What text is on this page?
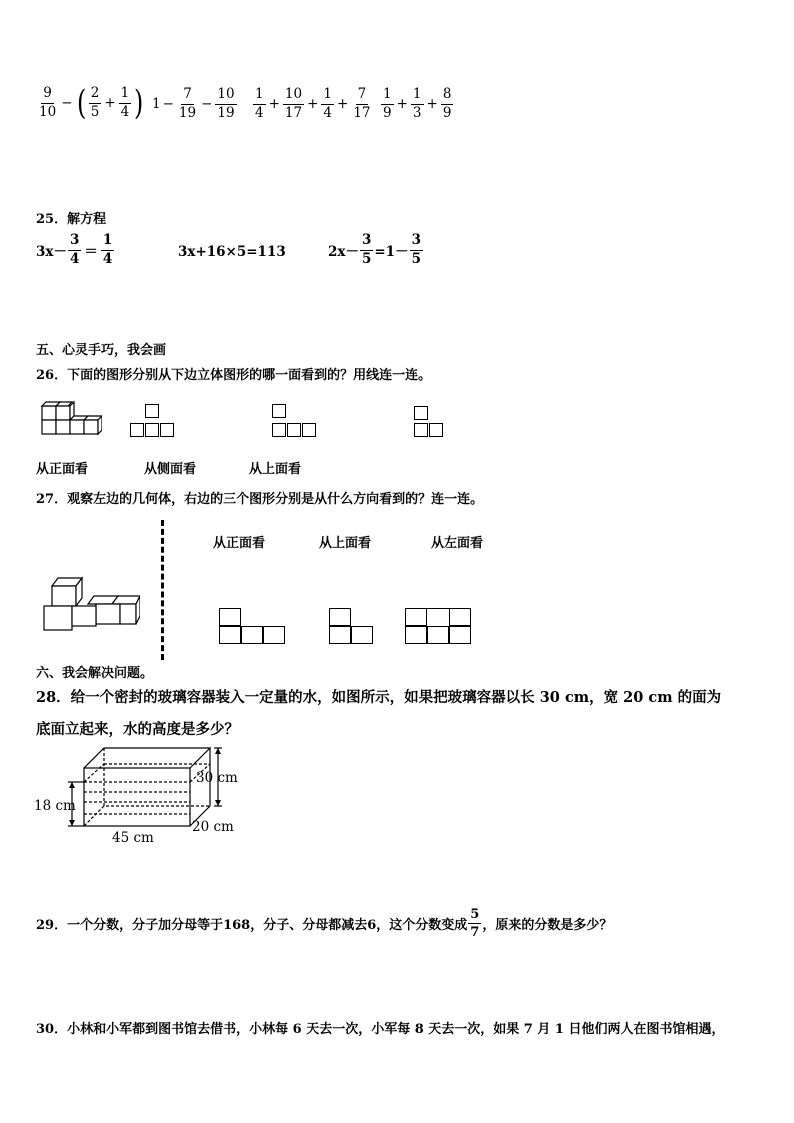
$\frac{9}{10}$ − ( $\frac{2}{5} + \frac{1}{4}$ ) $1 - \frac{7}{19} - \frac{10}{19} \frac{1}{4} + \frac{10}{17} + \frac{1}{4} + \frac{7}{17} \frac{1}{9} + \frac{1}{3} + \frac{8}{9}$
25．解方程
$3x- \frac{3}{4} = \frac{1}{4}$	3x+16×5=113	$2x- \frac{3}{5} =1- \frac{3}{5}$
五、心灵手巧，我会画
26．下面的图形分别从下边立体图形的哪一面看到的？用线连一连。
从正面看	从侧面看	从上面看
27．观察左边的几何体，右边的三个图形分别是从什么方向看到的？连一连。
从正面看	从上面看	从左面看
六、我会解决问题。
28．给一个密封的玻璃容器装入一定量的水，如图所示，如果把玻璃容器以长 30 cm，宽 20 cm 的面为
底面立起来，水的高度是多少？
30 cm
18 cm
45 cm
20 cm
29．一个分数，分子加分母等于168，分子、分母都减去6，这个分数变成 $\frac{5}{7}$ ，原来的分数是多少？
30．小林和小军都到图书馆去借书，小林每 6 天去一次，小军每 8 天去一次，如果 7 月 1 日他们两人在图书馆相遇，
